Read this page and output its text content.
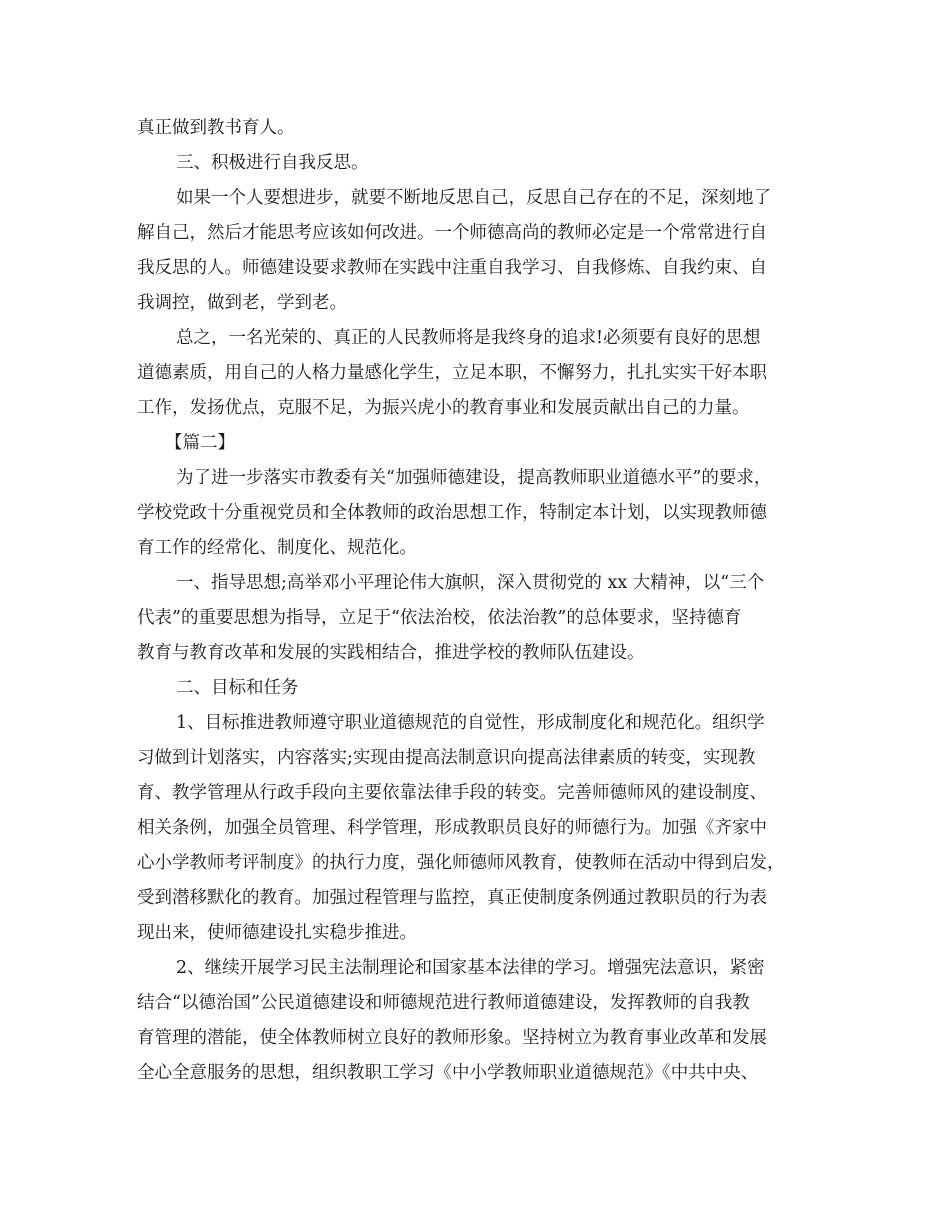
真正做到教书育人。
三、积极进行自我反思。
如果一个人要想进步，就要不断地反思自己，反思自己存在的不足，深刻地了
解自己，然后才能思考应该如何改进。一个师德高尚的教师必定是一个常常进行自
我反思的人。师德建设要求教师在实践中注重自我学习、自我修炼、自我约束、自
我调控，做到老，学到老。
总之，一名光荣的、真正的人民教师将是我终身的追求!必须要有良好的思想
道德素质，用自己的人格力量感化学生，立足本职，不懈努力，扎扎实实干好本职
工作，发扬优点，克服不足，为振兴虎小的教育事业和发展贡献出自己的力量。
【篇二】
为了进一步落实市教委有关“加强师德建设，提高教师职业道德水平”的要求，
学校党政十分重视党员和全体教师的政治思想工作，特制定本计划，以实现教师德
育工作的经常化、制度化、规范化。
一、指导思想;高举邓小平理论伟大旗帜，深入贯彻党的 xx 大精神，以“三个
代表”的重要思想为指导，立足于“依法治校，依法治教”的总体要求，坚持德育
教育与教育改革和发展的实践相结合，推进学校的教师队伍建设。
二、目标和任务
1、目标推进教师遵守职业道德规范的自觉性，形成制度化和规范化。组织学
习做到计划落实，内容落实;实现由提高法制意识向提高法律素质的转变，实现教
育、教学管理从行政手段向主要依靠法律手段的转变。完善师德师风的建设制度、
相关条例，加强全员管理、科学管理，形成教职员良好的师德行为。加强《齐家中
心小学教师考评制度》的执行力度，强化师德师风教育，使教师在活动中得到启发，
受到潜移默化的教育。加强过程管理与监控，真正使制度条例通过教职员的行为表
现出来，使师德建设扎实稳步推进。
2、继续开展学习民主法制理论和国家基本法律的学习。增强宪法意识，紧密
结合“以德治国”公民道德建设和师德规范进行教师道德建设，发挥教师的自我教
育管理的潜能，使全体教师树立良好的教师形象。坚持树立为教育事业改革和发展
全心全意服务的思想，组织教职工学习《中小学教师职业道德规范》《中共中央、
